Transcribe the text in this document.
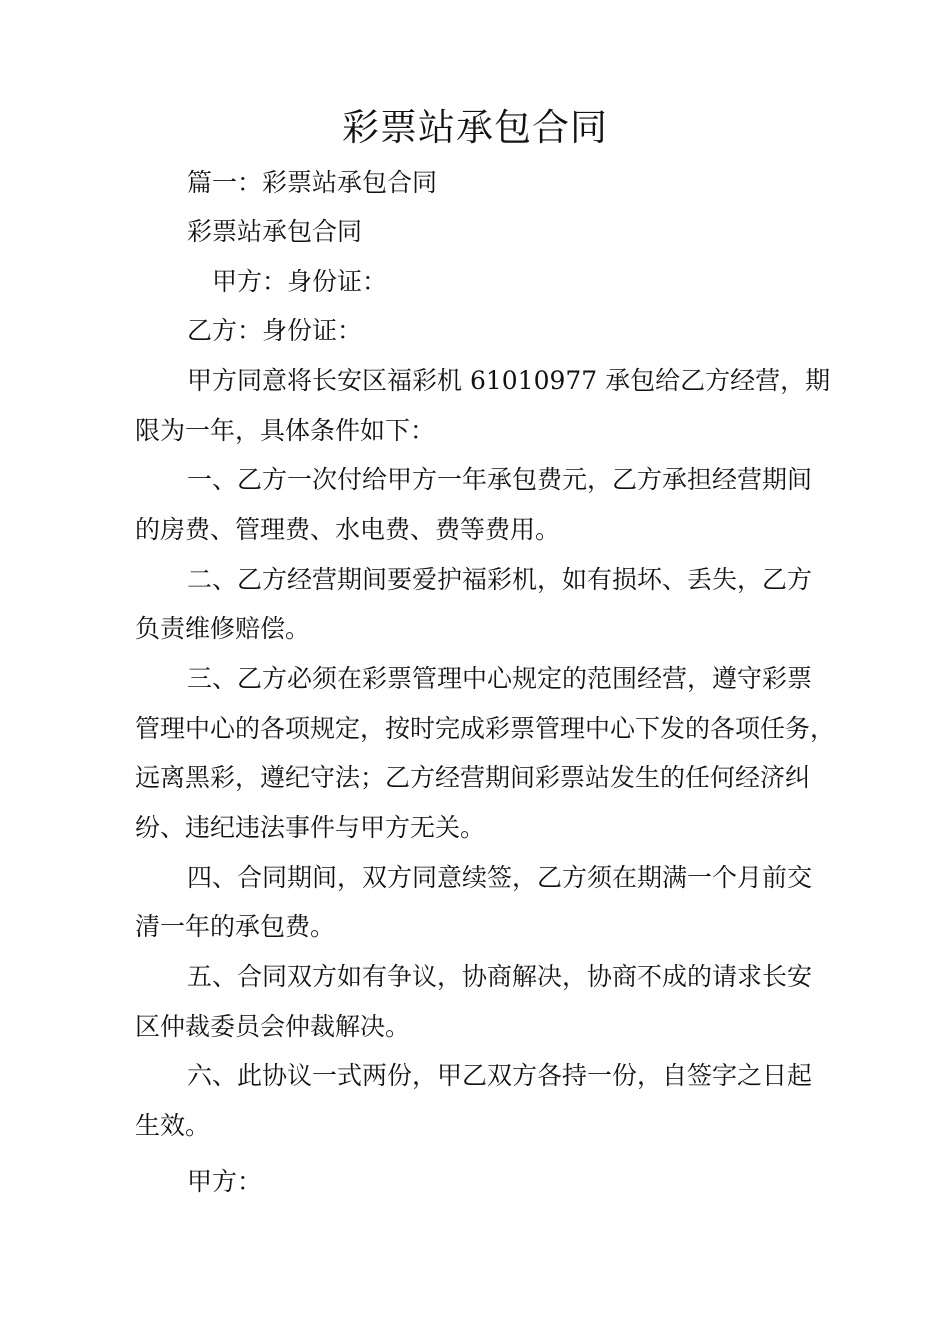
彩票站承包合同
篇一：彩票站承包合同
彩票站承包合同
甲方：身份证：
乙方：身份证：
甲方同意将长安区福彩机 61010977 承包给乙方经营，期
限为一年，具体条件如下：
一、乙方一次付给甲方一年承包费元，乙方承担经营期间
的房费、管理费、水电费、费等费用。
二、乙方经营期间要爱护福彩机，如有损坏、丢失，乙方
负责维修赔偿。
三、乙方必须在彩票管理中心规定的范围经营，遵守彩票
管理中心的各项规定，按时完成彩票管理中心下发的各项任务，
远离黑彩，遵纪守法；乙方经营期间彩票站发生的任何经济纠
纷、违纪违法事件与甲方无关。
四、合同期间，双方同意续签，乙方须在期满一个月前交
清一年的承包费。
五、合同双方如有争议，协商解决，协商不成的请求长安
区仲裁委员会仲裁解决。
六、此协议一式两份，甲乙双方各持一份，自签字之日起
生效。
甲方：
